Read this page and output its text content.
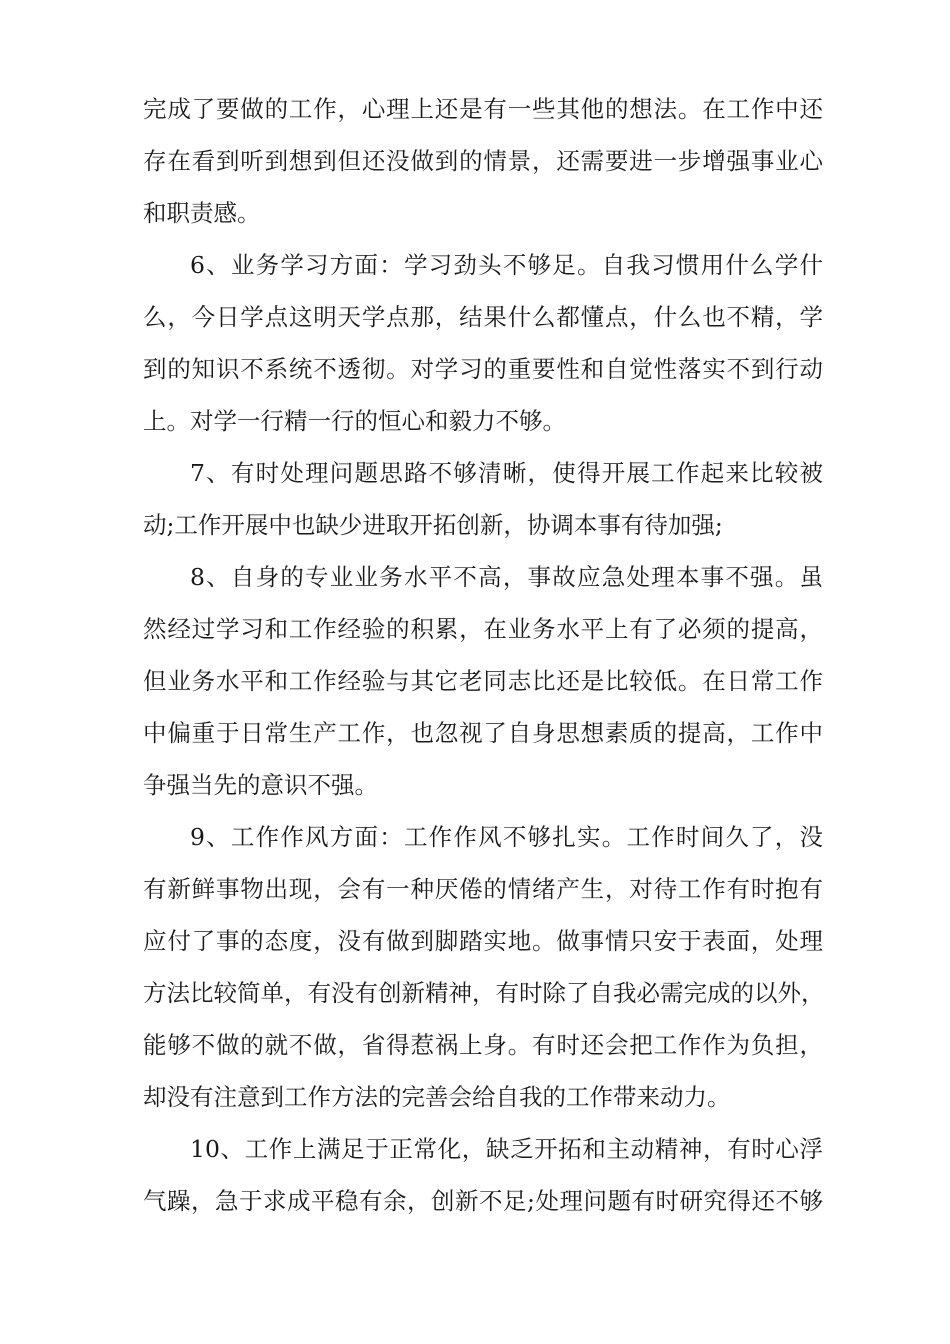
完成了要做的工作，心理上还是有一些其他的想法。在工作中还
存在看到听到想到但还没做到的情景，还需要进一步增强事业心
和职责感。
6、业务学习方面：学习劲头不够足。自我习惯用什么学什
么，今日学点这明天学点那，结果什么都懂点，什么也不精，学
到的知识不系统不透彻。对学习的重要性和自觉性落实不到行动
上。对学一行精一行的恒心和毅力不够。
7、有时处理问题思路不够清晰，使得开展工作起来比较被
动;工作开展中也缺少进取开拓创新，协调本事有待加强;
8、自身的专业业务水平不高，事故应急处理本事不强。虽
然经过学习和工作经验的积累，在业务水平上有了必须的提高，
但业务水平和工作经验与其它老同志比还是比较低。在日常工作
中偏重于日常生产工作，也忽视了自身思想素质的提高，工作中
争强当先的意识不强。
9、工作作风方面：工作作风不够扎实。工作时间久了，没
有新鲜事物出现，会有一种厌倦的情绪产生，对待工作有时抱有
应付了事的态度，没有做到脚踏实地。做事情只安于表面，处理
方法比较简单，有没有创新精神，有时除了自我必需完成的以外，
能够不做的就不做，省得惹祸上身。有时还会把工作作为负担，
却没有注意到工作方法的完善会给自我的工作带来动力。
10、工作上满足于正常化，缺乏开拓和主动精神，有时心浮
气躁，急于求成平稳有余，创新不足;处理问题有时研究得还不够
